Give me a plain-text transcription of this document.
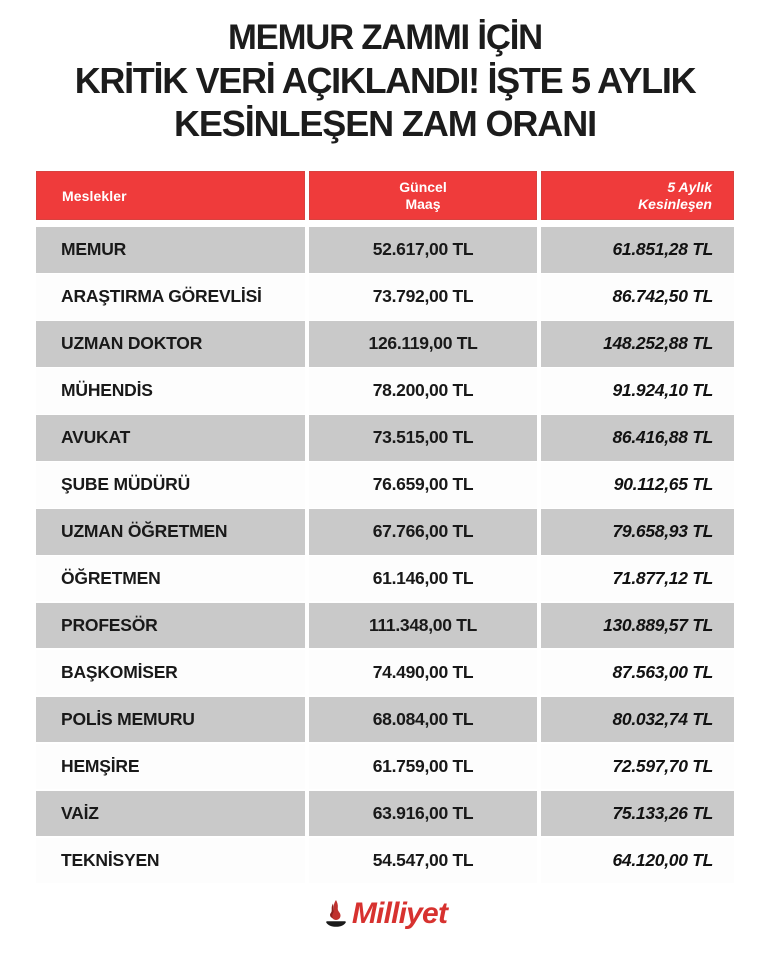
MEMUR ZAMMI İÇİN
KRİTİK VERİ AÇIKLANDI! İŞTE 5 AYLIK
KESİNLEŞEN ZAM ORANI
Meslekler
Güncel
Maaş
5 Aylık
Kesinleşen
MEMUR	52.617,00 TL	61.851,28 TL
ARAŞTIRMA GÖREVLİSİ	73.792,00 TL	86.742,50 TL
UZMAN DOKTOR	126.119,00 TL	148.252,88 TL
MÜHENDİS	78.200,00 TL	91.924,10 TL
AVUKAT	73.515,00 TL	86.416,88 TL
ŞUBE MÜDÜRÜ	76.659,00 TL	90.112,65 TL
UZMAN ÖĞRETMEN	67.766,00 TL	79.658,93 TL
ÖĞRETMEN	61.146,00 TL	71.877,12 TL
PROFESÖR	111.348,00 TL	130.889,57 TL
BAŞKOMİSER	74.490,00 TL	87.563,00 TL
POLİS MEMURU	68.084,00 TL	80.032,74 TL
HEMŞİRE	61.759,00 TL	72.597,70 TL
VAİZ	63.916,00 TL	75.133,26 TL
TEKNİSYEN	54.547,00 TL	64.120,00 TL
Milliyet
